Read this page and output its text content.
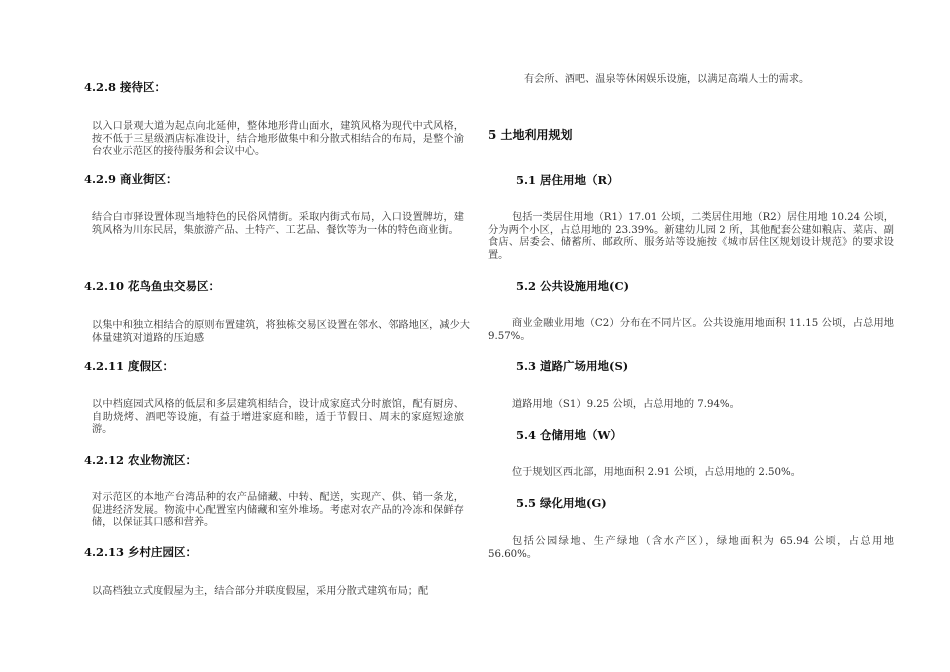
4.2.8 接待区：
以入口景观大道为起点向北延伸，整体地形背山面水，建筑风格为现代中式风格，按不低于三星级酒店标准设计，结合地形做集中和分散式相结合的布局，是整个渝台农业示范区的接待服务和会议中心。
4.2.9 商业街区：
结合白市驿设置体现当地特色的民俗风情街。采取内街式布局，入口设置牌坊，建筑风格为川东民居，集旅游产品、土特产、工艺品、餐饮等为一体的特色商业街。
4.2.10 花鸟鱼虫交易区：
以集中和独立相结合的原则布置建筑，将独栋交易区设置在邻水、邻路地区，减少大体量建筑对道路的压迫感
4.2.11 度假区：
以中档庭园式风格的低层和多层建筑相结合，设计成家庭式分时旅馆，配有厨房、自助烧烤、酒吧等设施，有益于增进家庭和睦，适于节假日、周末的家庭短途旅游。
4.2.12 农业物流区：
对示范区的本地产台湾品种的农产品储藏、中转、配送，实现产、供、销一条龙，促进经济发展。物流中心配置室内储藏和室外堆场。考虑对农产品的冷冻和保鲜存储，以保证其口感和营养。
4.2.13 乡村庄园区：
以高档独立式度假屋为主，结合部分并联度假屋，采用分散式建筑布局；配
有会所、酒吧、温泉等休闲娱乐设施，以满足高端人士的需求。
5 土地利用规划
5.1 居住用地（R）
包括一类居住用地（R1）17.01 公顷，二类居住用地（R2）居住用地 10.24 公顷，分为两个小区，占总用地的 23.39%。新建幼儿园 2 所，其他配套公建如粮店、菜店、副食店、居委会、储蓄所、邮政所、服务站等设施按《城市居住区规划设计规范》的要求设置。
5.2 公共设施用地(C)
商业金融业用地（C2）分布在不同片区。公共设施用地面积 11.15 公顷，占总用地 9.57%。
5.3 道路广场用地(S)
道路用地（S1）9.25 公顷，占总用地的 7.94%。
5.4 仓储用地（W）
位于规划区西北部，用地面积 2.91 公顷，占总用地的 2.50%。
5.5 绿化用地(G)
包括公园绿地、生产绿地（含水产区），绿地面积为 65.94 公顷，占总用地 56.60%。
